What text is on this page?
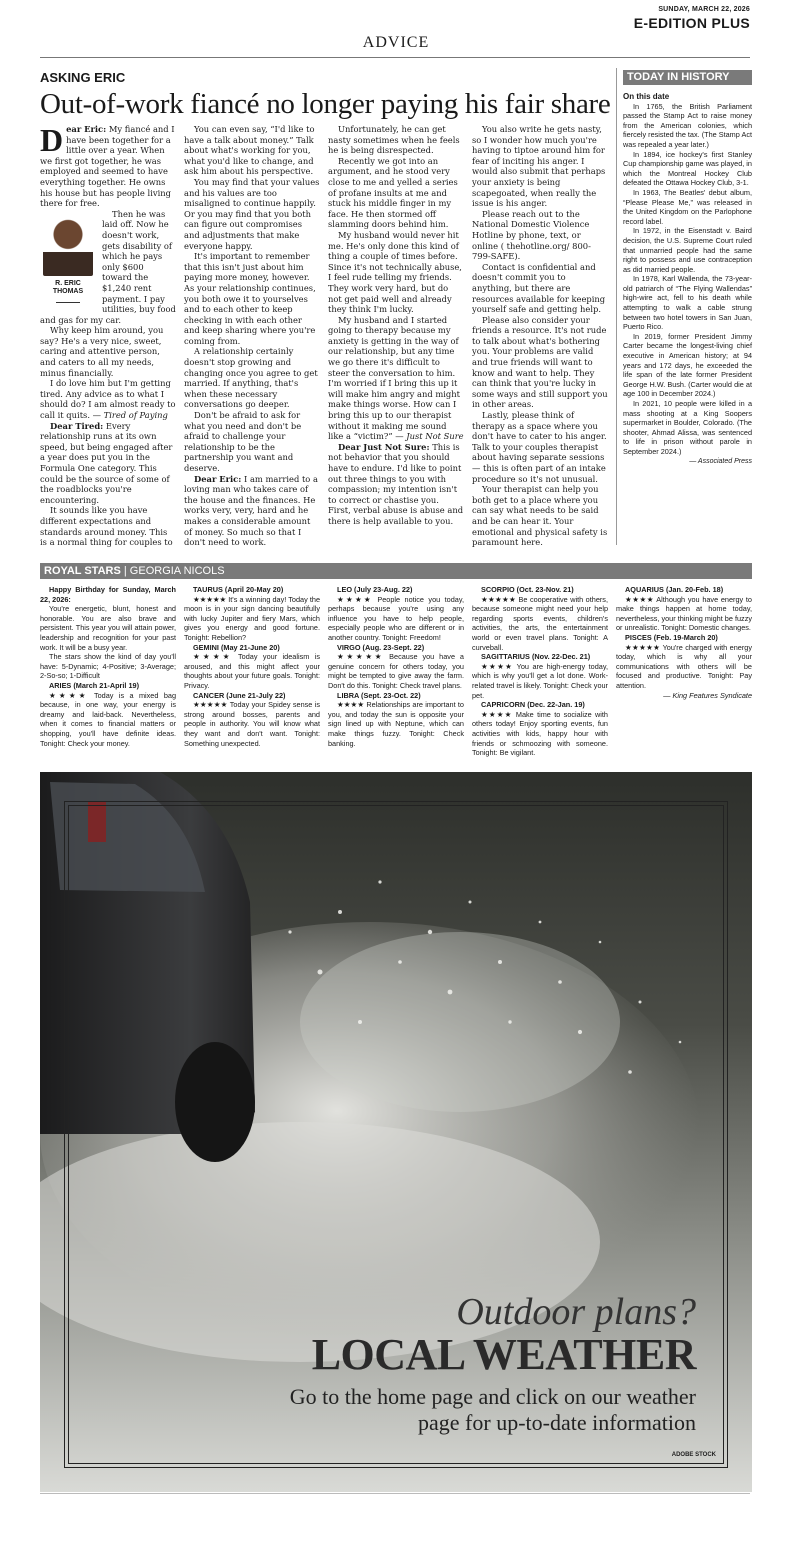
SUNDAY, MARCH 22, 2026
E-EDITION PLUS
ADVICE
ASKING ERIC
Out-of-work fiancé no longer paying his fair share

Dear Eric: My fiancé and I have been together for a little over a year. When we first got together, he was employed and seemed to have everything together. He owns his house but has people living there for free.

R. ERIC THOMAS

Then he was laid off. Now he doesn't work, gets disability of which he pays only $600 toward the $1,240 rent payment. I pay utilities, buy food and gas for my car.

Why keep him around, you say? He's a very nice, sweet, caring and attentive person, and caters to all my needs, minus financially.

I do love him but I'm getting tired. Any advice as to what I should do? I am almost ready to call it quits. — Tired of Paying

Dear Tired: Every relationship runs at its own speed, but being engaged after a year does put you in the Formula One category. This could be the source of some of the roadblocks you're encountering.

It sounds like you have different expectations and standards around money. This is a normal thing for couples to

You can even say, “I'd like to have a talk about money.” Talk about what's working for you, what you'd like to change, and ask him about his perspective.

You may find that your values and his values are too misaligned to continue happily. Or you may find that you both can figure out compromises and adjustments that make everyone happy.

It's important to remember that this isn't just about him paying more money, however. As your relationship continues, you both owe it to yourselves and to each other to keep checking in with each other and keep sharing where you're coming from.

A relationship certainly doesn't stop growing and changing once you agree to get married. If anything, that's when these necessary conversations go deeper.

Don't be afraid to ask for what you need and don't be afraid to challenge your relationship to be the partnership you want and deserve.

Dear Eric: I am married to a loving man who takes care of the house and the finances. He works very, very, hard and he makes a considerable amount of money. So much so that I don't need to work.

Unfortunately, he can get nasty sometimes when he feels he is being disrespected.

Recently we got into an argument, and he stood very close to me and yelled a series of profane insults at me and stuck his middle finger in my face. He then stormed off slamming doors behind him.

My husband would never hit me. He's only done this kind of thing a couple of times before. Since it's not technically abuse, I feel rude telling my friends. They work very hard, but do not get paid well and already they think I'm lucky.

My husband and I started going to therapy because my anxiety is getting in the way of our relationship, but any time we go there it's difficult to steer the conversation to him. I'm worried if I bring this up it will make him angry and might make things worse. How can I bring this up to our therapist without it making me sound like a “victim?” — Just Not Sure

Dear Just Not Sure: This is not behavior that you should have to endure. I'd like to point out three things to you with compassion; my intention isn't to correct or chastise you. First, verbal abuse is abuse and there is help available to you.

You also write he gets nasty, so I wonder how much you're having to tiptoe around him for fear of inciting his anger. I would also submit that perhaps your anxiety is being scapegoated, when really the issue is his anger.

Please reach out to the National Domestic Violence Hotline by phone, text, or online ( thehotline.org/ 800-799-SAFE).

Contact is confidential and doesn't commit you to anything, but there are resources available for keeping yourself safe and getting help.

Please also consider your friends a resource. It's not rude to talk about what's bothering you. Your problems are valid and true friends will want to know and want to help. They can think that you're lucky in some ways and still support you in other areas.

Lastly, please think of therapy as a space where you don't have to cater to his anger. Talk to your couples therapist about having separate sessions — this is often part of an intake procedure so it's not unusual.

Your therapist can help you both get to a place where you can say what needs to be said and be can hear it. Your emotional and physical safety is paramount here.

TODAY IN HISTORY

On this date

In 1765, the British Parliament passed the Stamp Act to raise money from the American colonies, which fiercely resisted the tax. (The Stamp Act was repealed a year later.)

In 1894, ice hockey's first Stanley Cup championship game was played, in which the Montreal Hockey Club defeated the Ottawa Hockey Club, 3-1.

In 1963, The Beatles' debut album, “Please Please Me,” was released in the United Kingdom on the Parlophone record label.

In 1972, in the Eisenstadt v. Baird decision, the U.S. Supreme Court ruled that unmarried people had the same right to possess and use contraception as did married people.

In 1978, Karl Wallenda, the 73-year-old patriarch of “The Flying Wallendas” high-wire act, fell to his death while attempting to walk a cable strung between two hotel towers in San Juan, Puerto Rico.

In 2019, former President Jimmy Carter became the longest-living chief executive in American history; at 94 years and 172 days, he exceeded the life span of the late former President George H.W. Bush. (Carter would die at age 100 in December 2024.)

In 2021, 10 people were killed in a mass shooting at a King Soopers supermarket in Boulder, Colorado. (The shooter, Ahmad Alissa, was sentenced to life in prison without parole in September 2024.)

— Associated Press

ROYAL STARS | GEORGIA NICOLS

Happy Birthday for Sunday, March 22, 2026:

You're energetic, blunt, honest and honorable. You are also brave and persistent. This year you will attain power, leadership and recognition for your past work. It will be a busy year.

The stars show the kind of day you'll have: 5-Dynamic; 4-Positive; 3-Average; 2-So-so; 1-Difficult

ARIES (March 21-April 19)

★★★★ Today is a mixed bag because, in one way, your energy is dreamy and laid-back. Nevertheless, when it comes to financial matters or shopping, you'll have definite ideas. Tonight: Check your money.

TAURUS (April 20-May 20)

★★★★★ It's a winning day! Today the moon is in your sign dancing beautifully with lucky Jupiter and fiery Mars, which gives you energy and good fortune. Tonight: Rebellion?

GEMINI (May 21-June 20)

★★★★ Today your idealism is aroused, and this might affect your thoughts about your future goals. Tonight: Privacy.

CANCER (June 21-July 22)

★★★★★ Today your Spidey sense is strong around bosses, parents and people in authority. You will know what they want and don't want. Tonight: Something unexpected.

LEO (July 23-Aug. 22)

★★★★ People notice you today, perhaps because you're using any influence you have to help people, especially people who are different or in another country. Tonight: Freedom!

VIRGO (Aug. 23-Sept. 22)

★★★★★ Because you have a genuine concern for others today, you might be tempted to give away the farm. Don't do this. Tonight: Check travel plans.

LIBRA (Sept. 23-Oct. 22)

★★★★ Relationships are important to you, and today the sun is opposite your sign lined up with Neptune, which can make things fuzzy. Tonight: Check banking.

SCORPIO (Oct. 23-Nov. 21)

★★★★★ Be cooperative with others, because someone might need your help regarding sports events, children's activities, the arts, the entertainment world or even travel plans. Tonight: A curveball.

SAGITTARIUS (Nov. 22-Dec. 21)

★★★★ You are high-energy today, which is why you'll get a lot done. Work-related travel is likely. Tonight: Check your pet.

CAPRICORN (Dec. 22-Jan. 19)

★★★★ Make time to socialize with others today! Enjoy sporting events, fun activities with kids, happy hour with friends or schmoozing with someone. Tonight: Be vigilant.

AQUARIUS (Jan. 20-Feb. 18)

★★★★ Although you have energy to make things happen at home today, nevertheless, your thinking might be fuzzy or unrealistic. Tonight: Domestic changes.

PISCES (Feb. 19-March 20)

★★★★★ You're charged with energy today, which is why all your communications with others will be focused and productive. Tonight: Pay attention.

— King Features Syndicate

Outdoor plans?
LOCAL WEATHER
Go to the home page and click on our weather page for up-to-date information
ADOBE STOCK
